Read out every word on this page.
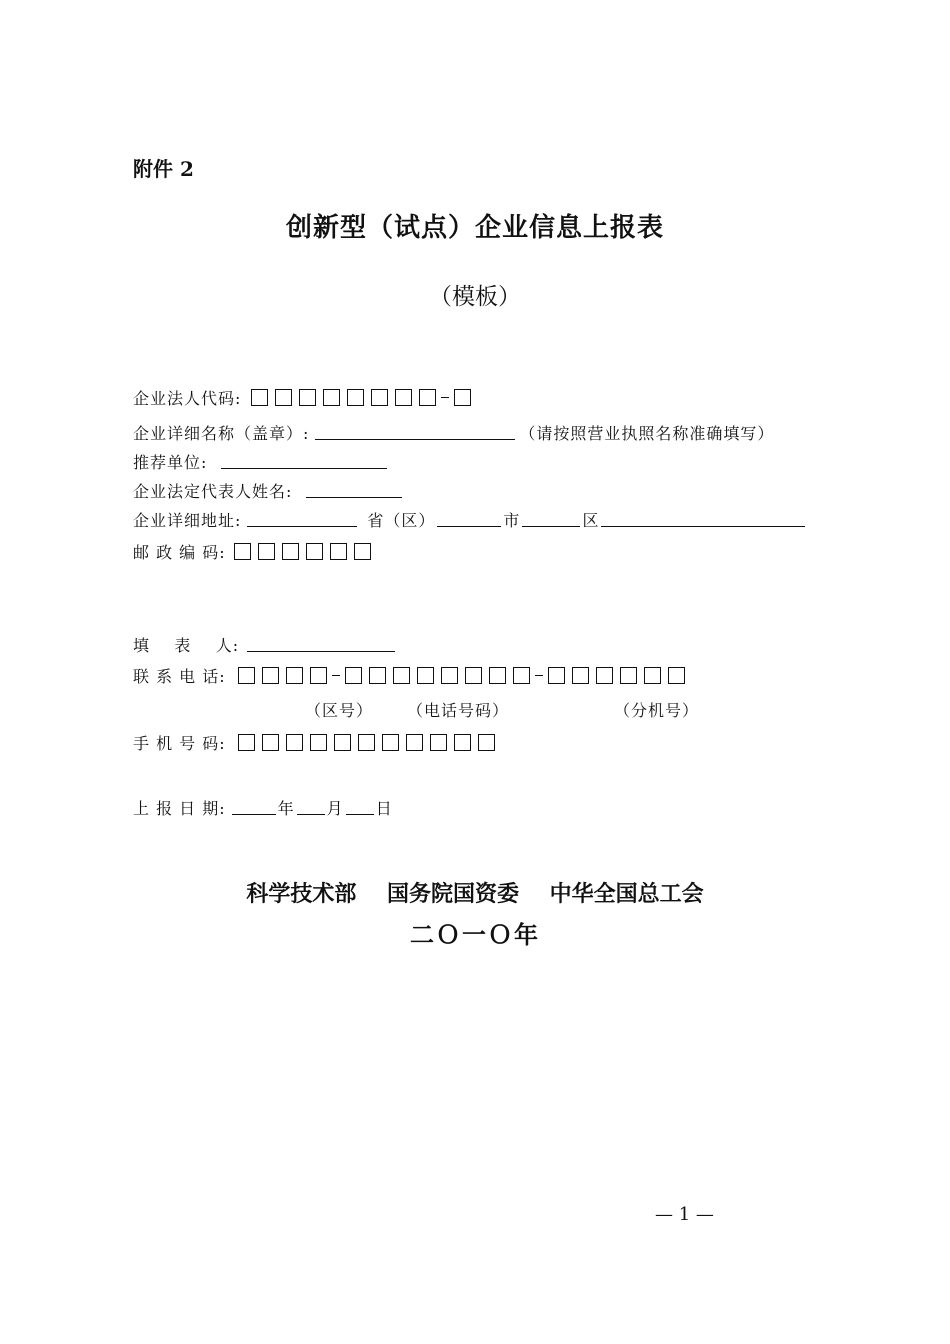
附件 2
创新型（试点）企业信息上报表
（模板）
企业法人代码:
企业详细名称（盖章）:	（请按照营业执照名称准确填写）
推荐单位:
企业法定代表人姓名:
企业详细地址:	省（区）	市	区
邮 政 编 码:
填    表    人:
联 系 电 话:
（区号） （电话号码）	（分机号）
手 机 号 码:
上 报 日 期:	年 月 日
科学技术部    国务院国资委    中华全国总工会
二Ｏ一Ｏ年
— 1 —
